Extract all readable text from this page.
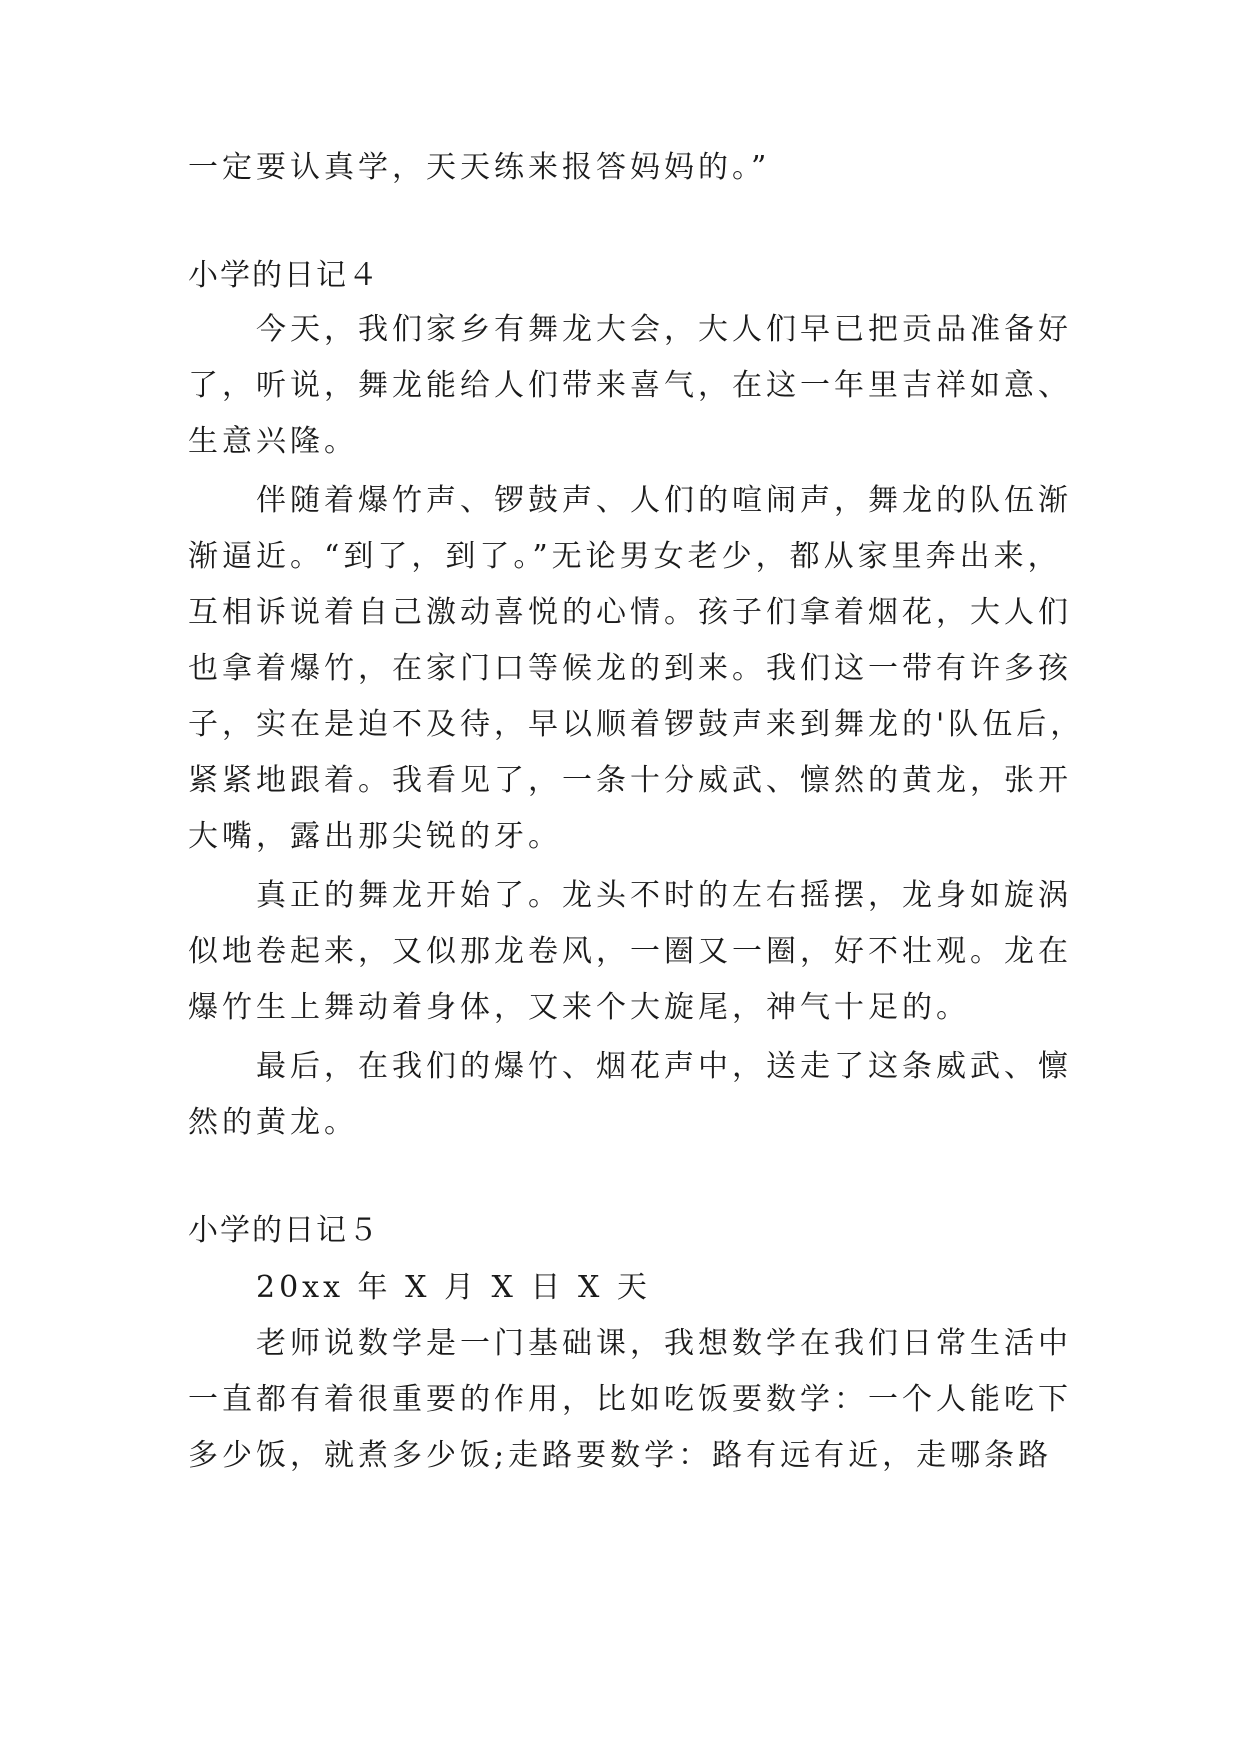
一定要认真学，天天练来报答妈妈的。”

小学的日记４

今天，我们家乡有舞龙大会，大人们早已把贡品准备好

了，听说，舞龙能给人们带来喜气，在这一年里吉祥如意、

生意兴隆。

伴随着爆竹声、锣鼓声、人们的喧闹声，舞龙的队伍渐

渐逼近。“到了，到了。”无论男女老少，都从家里奔出来，

互相诉说着自己激动喜悦的心情。孩子们拿着烟花，大人们

也拿着爆竹，在家门口等候龙的到来。我们这一带有许多孩

子，实在是迫不及待，早以顺着锣鼓声来到舞龙的'队伍后，

紧紧地跟着。我看见了，一条十分威武、懔然的黄龙，张开

大嘴，露出那尖锐的牙。

真正的舞龙开始了。龙头不时的左右摇摆，龙身如旋涡

似地卷起来，又似那龙卷风，一圈又一圈，好不壮观。龙在

爆竹生上舞动着身体，又来个大旋尾，神气十足的。

最后，在我们的爆竹、烟花声中，送走了这条威武、懔

然的黄龙。

小学的日记５

20xx 年 X 月 X 日 X 天

老师说数学是一门基础课，我想数学在我们日常生活中

一直都有着很重要的作用，比如吃饭要数学：一个人能吃下

多少饭，就煮多少饭;走路要数学：路有远有近，走哪条路
